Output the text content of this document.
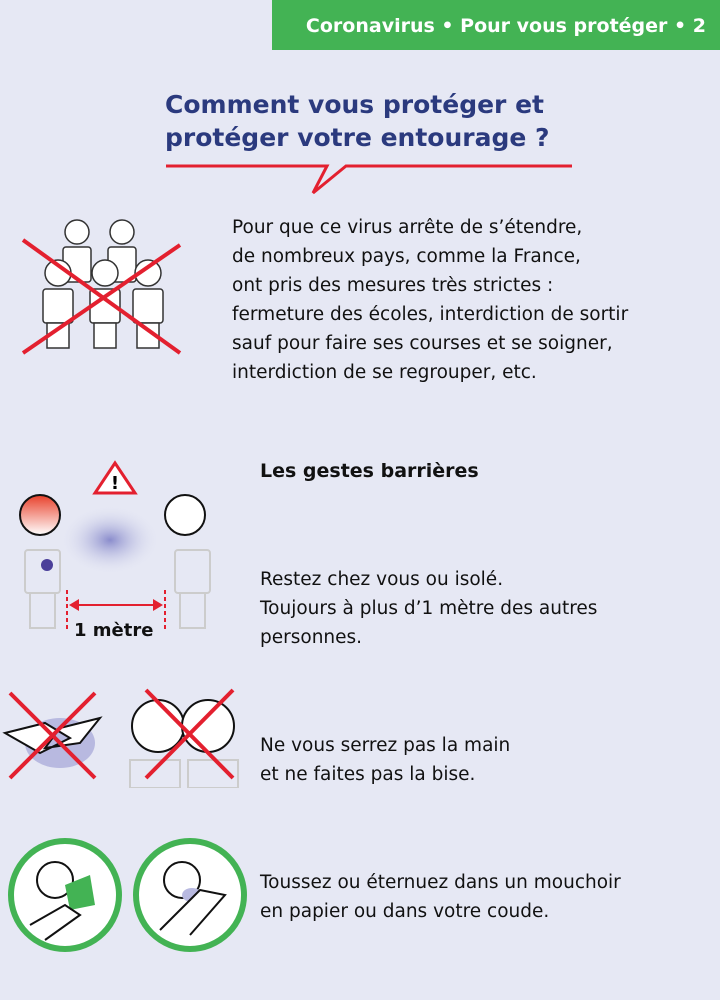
Coronavirus • Pour vous protéger • 2
Comment vous protéger et
protéger votre entourage ?
Pour que ce virus arrête de s’étendre,
de nombreux pays, comme la France,
ont pris des mesures très strictes :
fermeture des écoles, interdiction de sortir
sauf pour faire ses courses et se soigner,
interdiction de se regrouper, etc.
!
1 mètre
Les gestes barrières
Restez chez vous ou isolé.
Toujours à plus d’1 mètre des autres
personnes.
Ne vous serrez pas la main
et ne faites pas la bise.
Toussez ou éternuez dans un mouchoir
en papier ou dans votre coude.
